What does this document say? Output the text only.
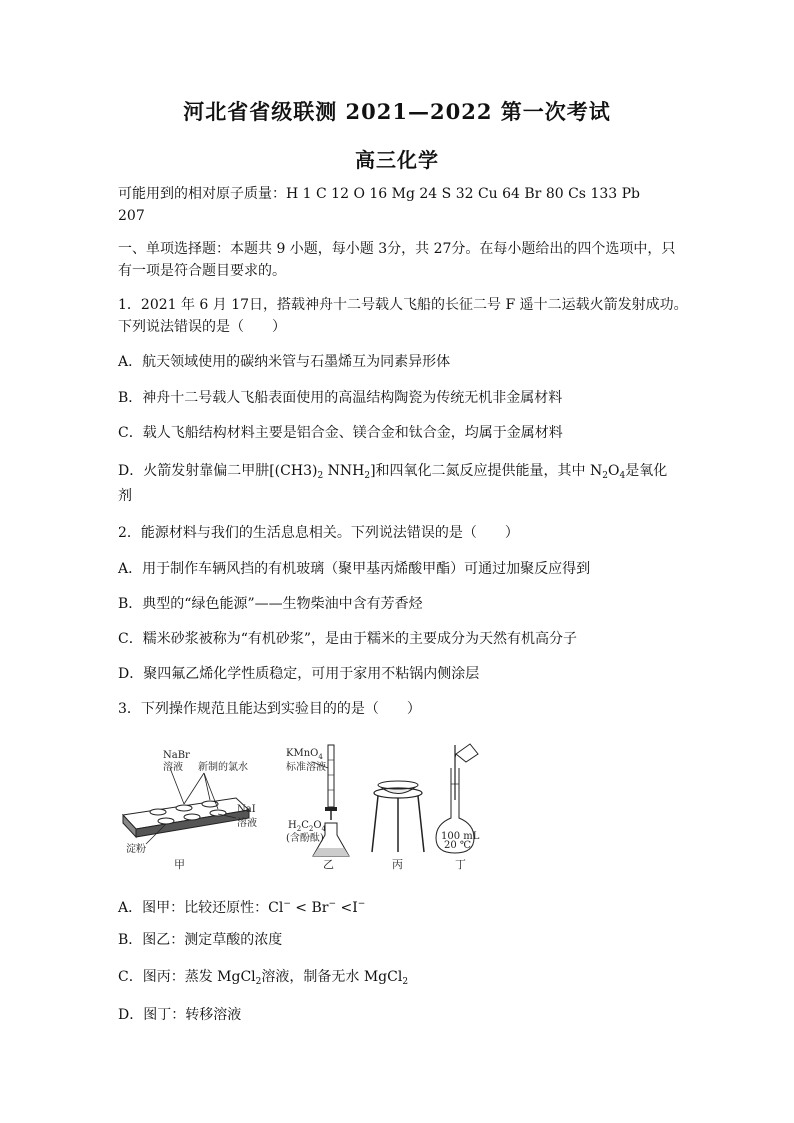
河北省省级联测 2021—2022 第一次考试
高三化学
可能用到的相对原子质量：H 1 C 12 O 16 Mg 24 S 32 Cu 64 Br 80 Cs 133 Pb
207
一、单项选择题：本题共 9 小题，每小题 3分，共 27分。在每小题给出的四个选项中，只
有一项是符合题目要求的。
1．2021 年 6 月 17日，搭载神舟十二号载人飞船的长征二号 F 遥十二运载火箭发射成功。
下列说法错误的是（　　）
A．航天领域使用的碳纳米管与石墨烯互为同素异形体
B．神舟十二号载人飞船表面使用的高温结构陶瓷为传统无机非金属材料
C．载人飞船结构材料主要是铝合金、镁合金和钛合金，均属于金属材料
D．火箭发射靠偏二甲肼[$(CH3)_2$ $NNH_2$]和四氧化二氮反应提供能量，其中 $N_2O_4$是氧化
剂
2．能源材料与我们的生活息息相关。下列说法错误的是（　　）
A．用于制作车辆风挡的有机玻璃（聚甲基丙烯酸甲酯）可通过加聚反应得到
B．典型的“绿色能源”——生物柴油中含有芳香烃
C．糯米砂浆被称为“有机砂浆”，是由于糯米的主要成分为天然有机高分子
D．聚四氟乙烯化学性质稳定，可用于家用不粘锅内侧涂层
3．下列操作规范且能达到实验目的的是（　　）
NaBr
溶液 新制的氯水
NaI
溶液
淀粉
甲
KMnO$_4$
标准溶液
$H_2C_2O_4$
(含酚酞)
乙	丙
100 mL
20 ℃
丁
A．图甲：比较还原性：Cl− < Br− <I−
B．图乙：测定草酸的浓度
C．图丙：蒸发 MgCl$_2$溶液，制备无水 MgCl$_2$
D．图丁：转移溶液
